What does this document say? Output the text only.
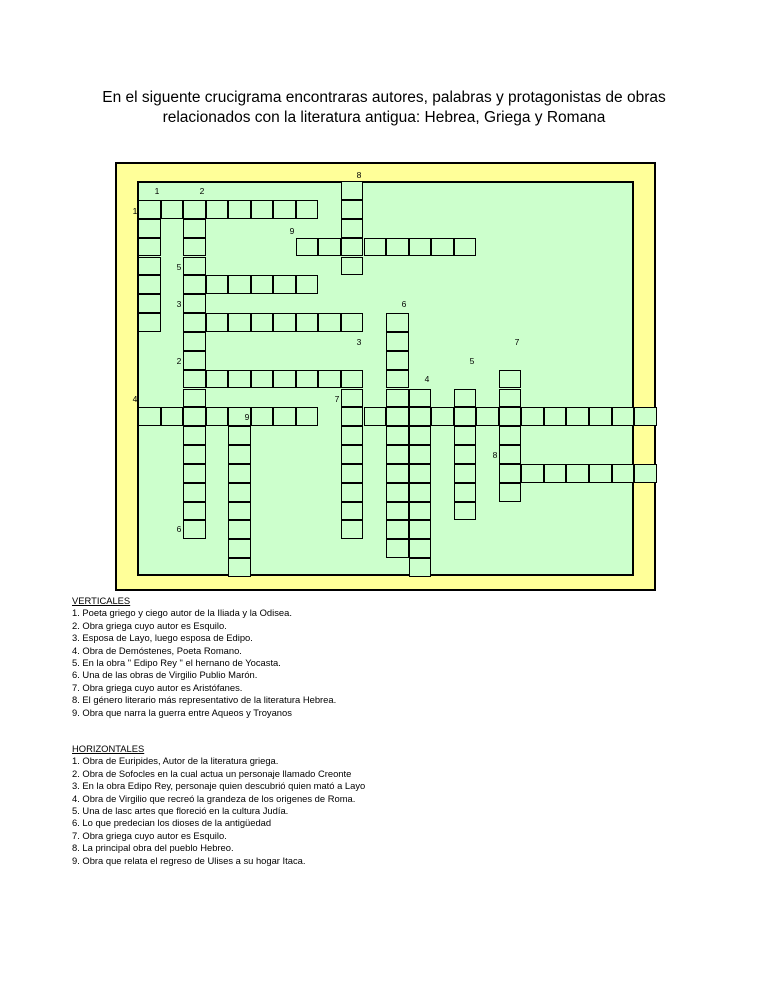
En el siguente crucigrama encontraras autores, palabras y protagonistas de obras
relacionados con la literatura antigua: Hebrea, Griega y Romana
8
1	2
1
9
5
3	6
3	7
2
4
5
4	7
9
8
6
VERTICALES
1. Poeta griego y ciego autor de la Iliada y la Odisea.
2. Obra griega cuyo autor es Esquilo.
3. Esposa de Layo, luego esposa de Edipo.
4. Obra de Demóstenes, Poeta Romano.
5. En la obra " Edipo Rey " el hernano de Yocasta.
6. Una de las obras de Virgilio Publio Marón.
7. Obra griega cuyo autor es Aristófanes.
8. El género literario más representativo de la literatura Hebrea.
9. Obra que narra la guerra entre Aqueos y Troyanos
HORIZONTALES
1. Obra de Euripides, Autor de la literatura griega.
2. Obra de Sofocles en la cual actua un personaje llamado Creonte
3. En la obra Edipo Rey, personaje quien descubrió quien mató a Layo
4. Obra de Virgilio que recreó la grandeza de los origenes de Roma.
5. Una de lasc artes que floreció en la cultura Judía.
6. Lo que predecian los dioses de la antigüedad
7. Obra griega cuyo autor es Esquilo.
8. La principal obra del pueblo Hebreo.
9. Obra que relata el regreso de Ulises a su hogar Itaca.
